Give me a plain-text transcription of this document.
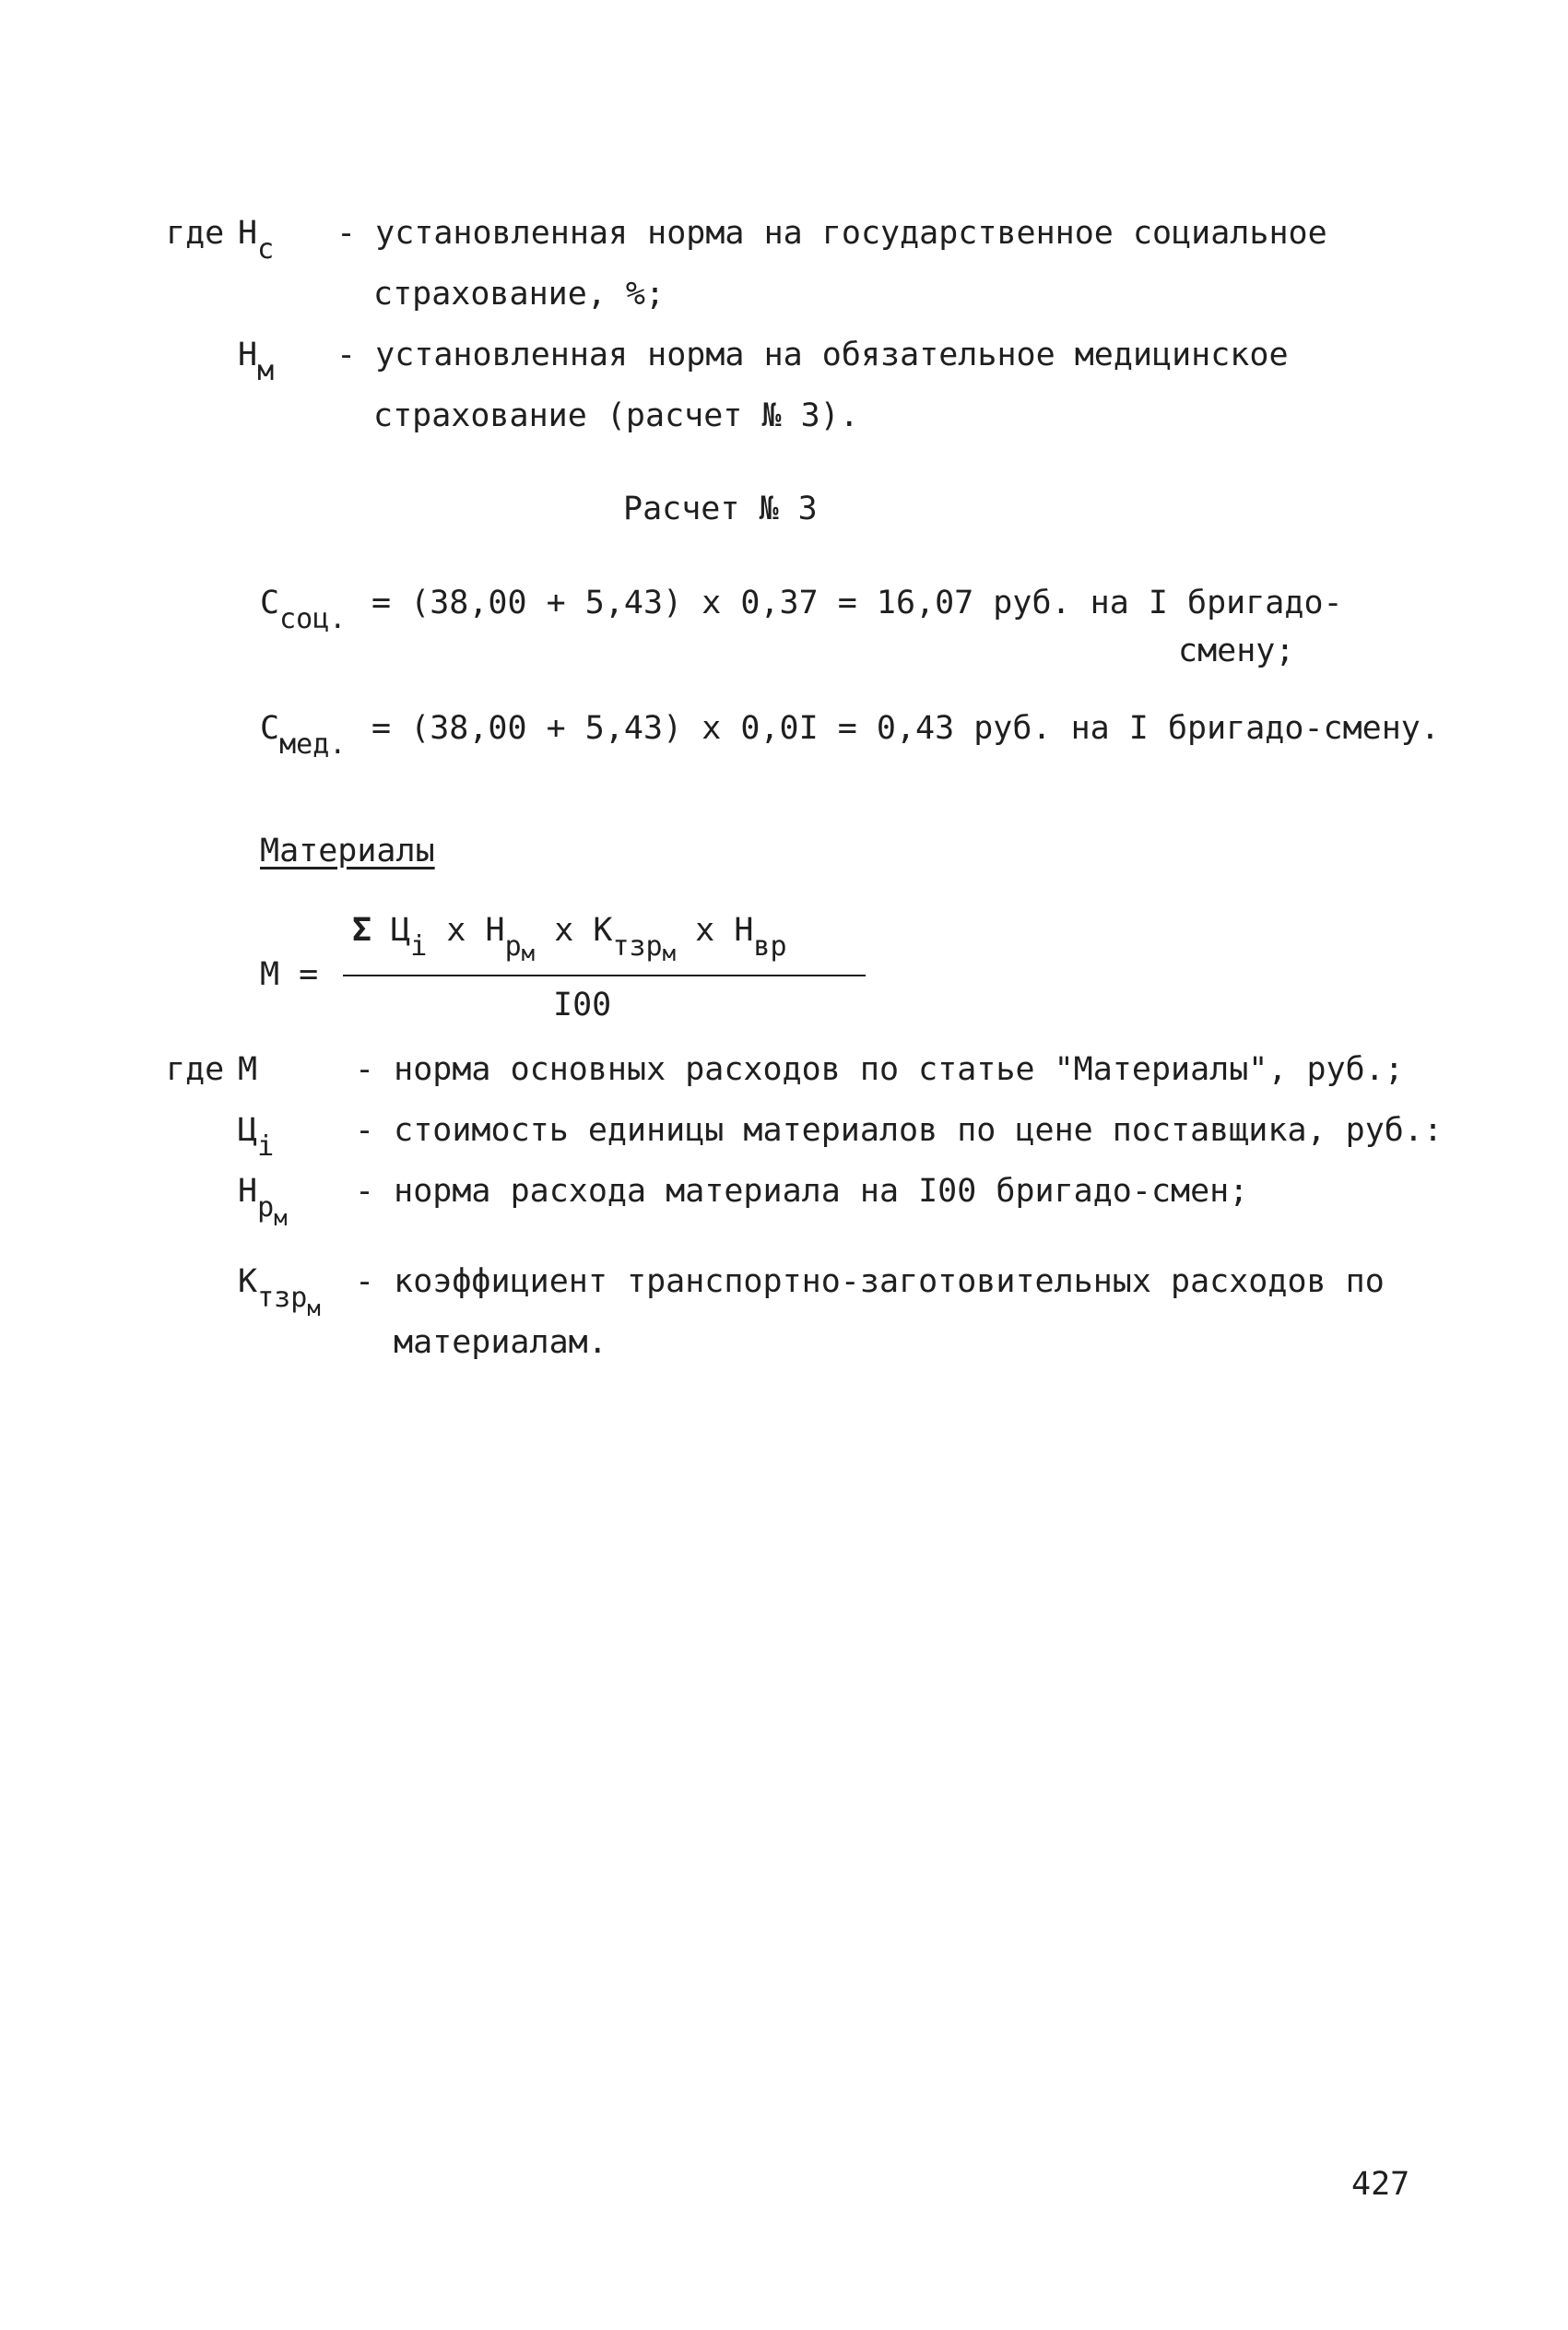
где Нс - установленная норма на государственное социальное
страхование, %;
Нм - установленная норма на обязательное медицинское
страхование (расчет № 3).
Расчет № 3
Ссоц. = (38,00 + 5,43) х 0,37 = 16,07 руб. на I бригадо-
смену;
Смед. = (38,00 + 5,43) х 0,0I = 0,43 руб. на I бригадо-смену.
Материалы
Σ Цi х $Нр_м$ х Ктзр$_м$ х Нвр
М =
I00
где М	- норма основных расходов по статье "Материалы", руб.;
Цi	- стоимость единицы материалов по цене поставщика, руб.:
$Нр_м$
- норма расхода материала на I00 бригадо-смен;
Ктзр$_м$
- коэффициент транспортно-заготовительных расходов по
материалам.
427
